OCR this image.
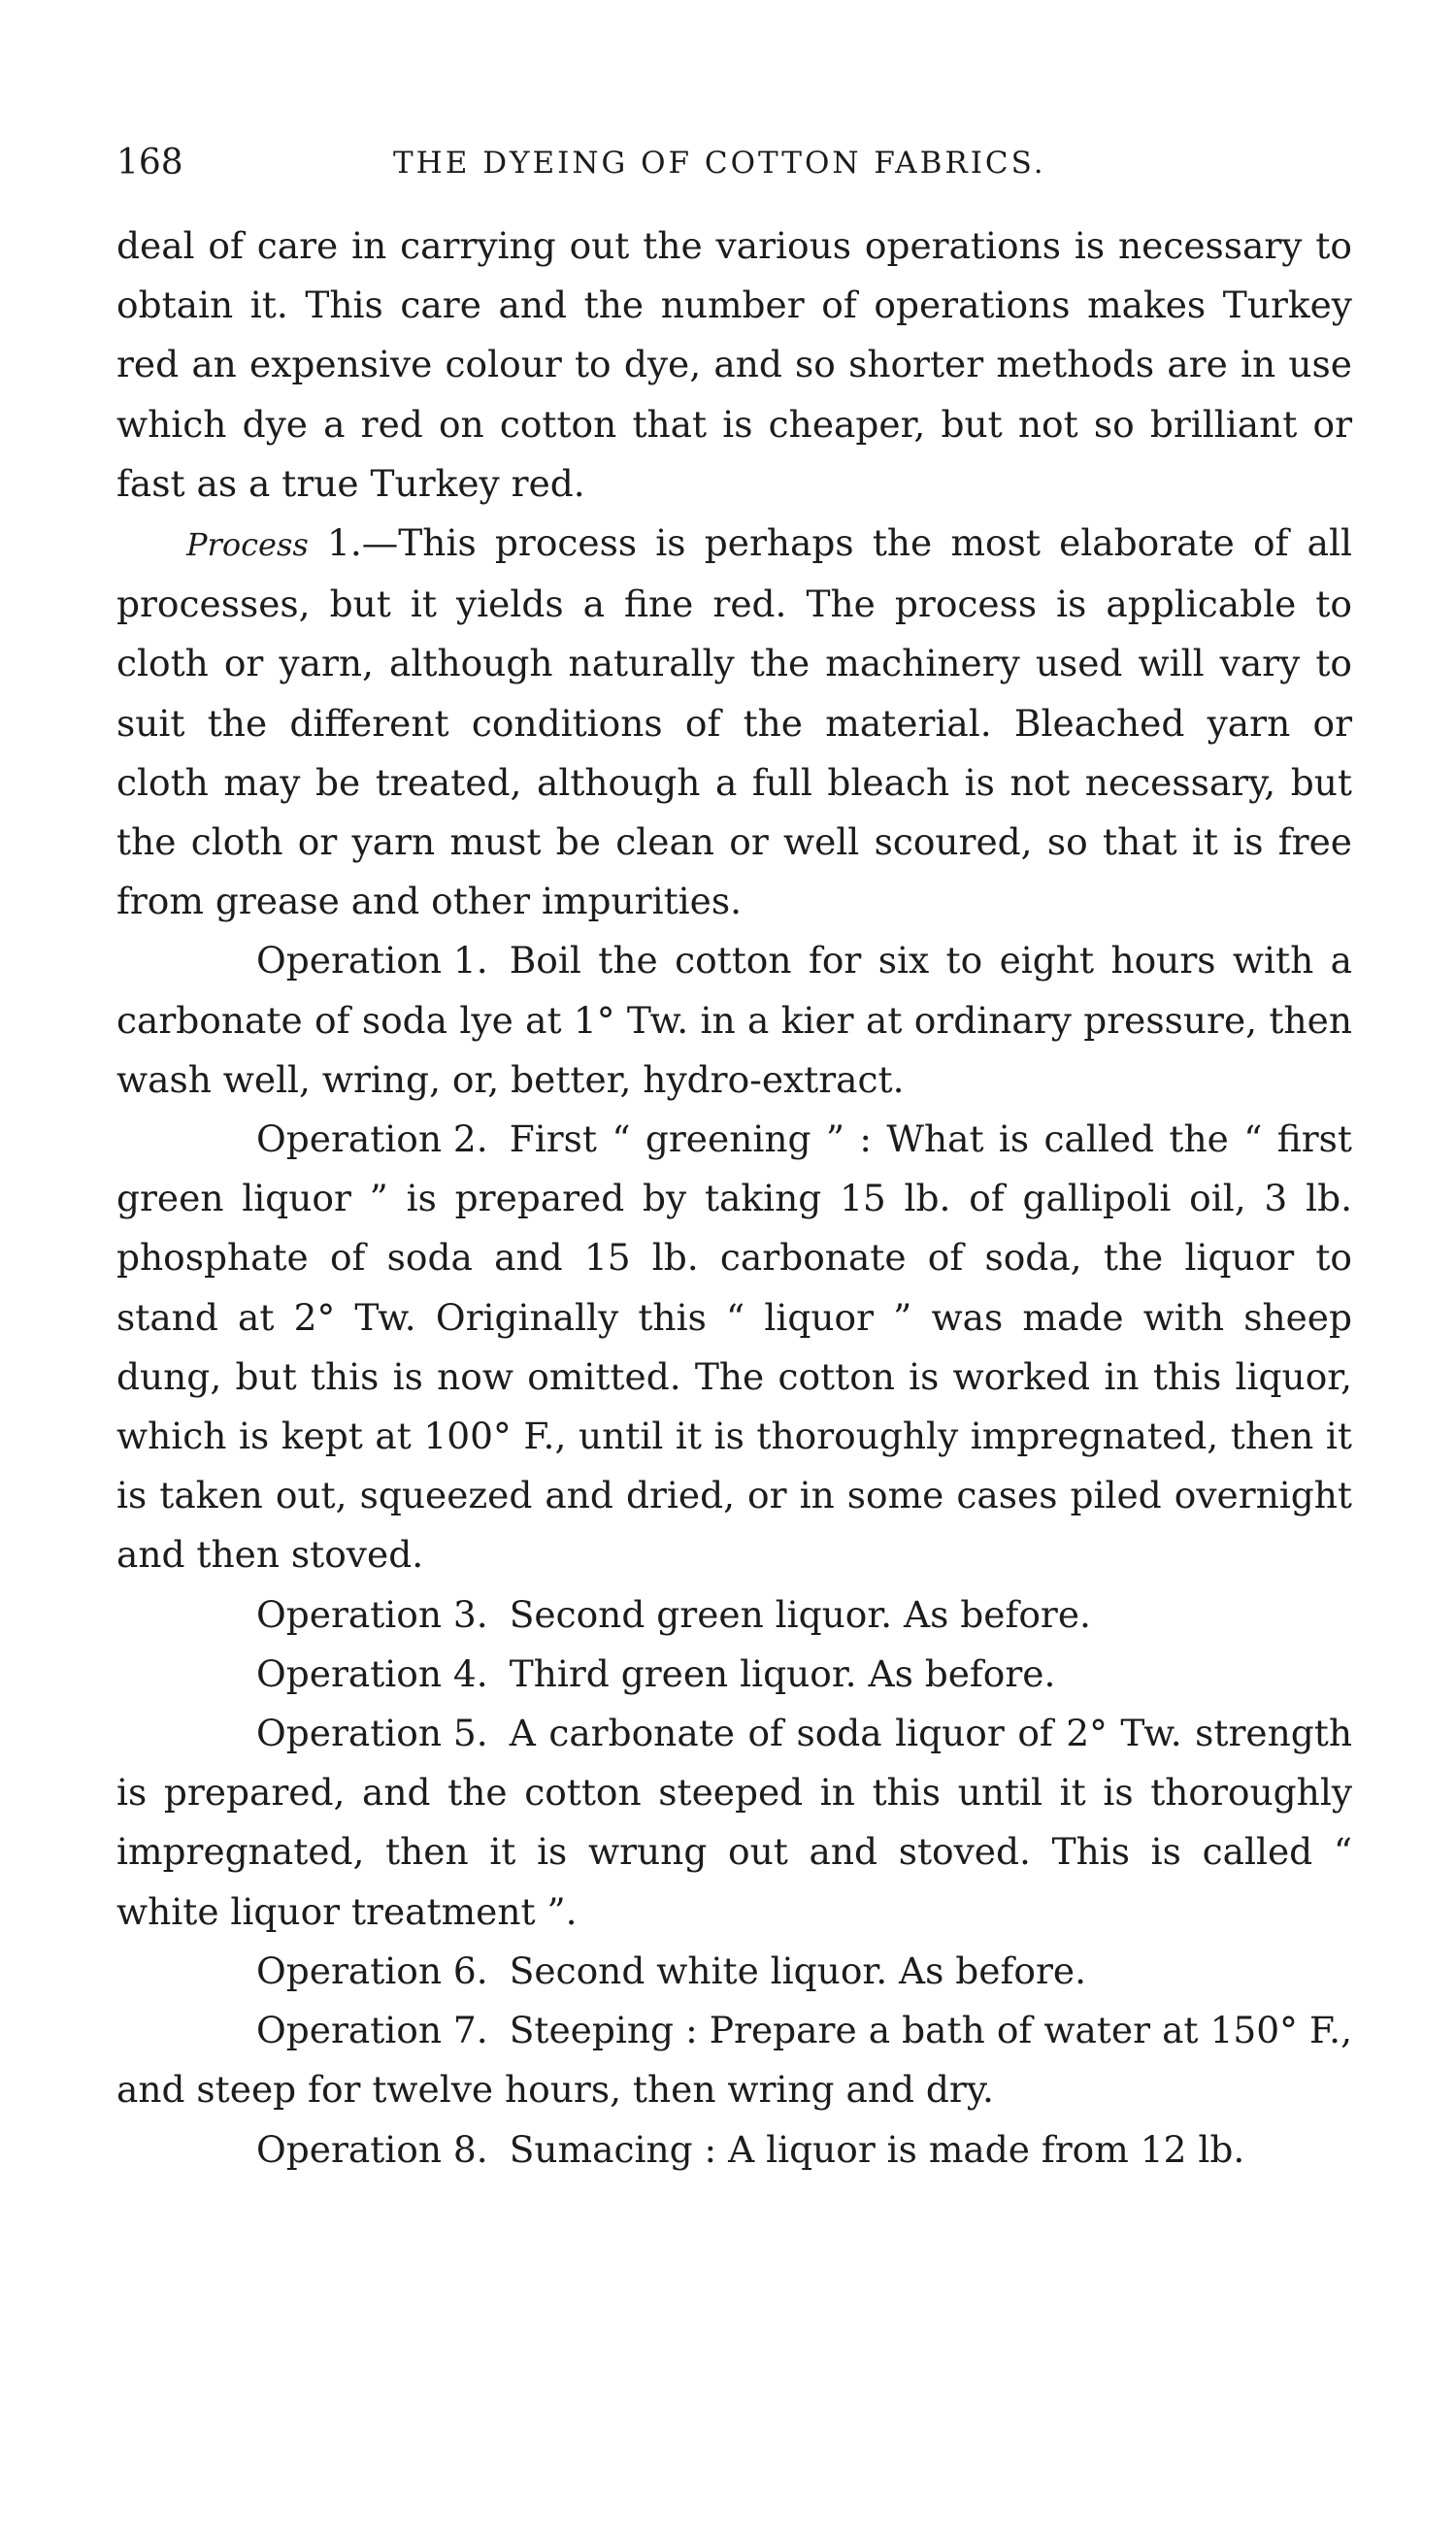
168	THE DYEING OF COTTON FABRICS.

deal of care in carrying out the various operations is necessary to obtain it. This care and the number of operations makes Turkey red an expensive colour to dye, and so shorter methods are in use which dye a red on cotton that is cheaper, but not so brilliant or fast as a true Turkey red.

Process 1.—This process is perhaps the most elaborate of all processes, but it yields a fine red. The process is applicable to cloth or yarn, although naturally the machinery used will vary to suit the different conditions of the material. Bleached yarn or cloth may be treated, although a full bleach is not necessary, but the cloth or yarn must be clean or well scoured, so that it is free from grease and other impurities.

Operation 1. Boil the cotton for six to eight hours with a carbonate of soda lye at 1° Tw. in a kier at ordinary pressure, then wash well, wring, or, better, hydro-extract.

Operation 2. First “ greening ” : What is called the “ first green liquor ” is prepared by taking 15 lb. of gallipoli oil, 3 lb. phosphate of soda and 15 lb. carbonate of soda, the liquor to stand at 2° Tw. Originally this “ liquor ” was made with sheep dung, but this is now omitted. The cotton is worked in this liquor, which is kept at 100° F., until it is thoroughly impregnated, then it is taken out, squeezed and dried, or in some cases piled overnight and then stoved.

Operation 3. Second green liquor. As before.

Operation 4. Third green liquor. As before.

Operation 5. A carbonate of soda liquor of 2° Tw. strength is prepared, and the cotton steeped in this until it is thoroughly impregnated, then it is wrung out and stoved. This is called “ white liquor treatment ”.

Operation 6. Second white liquor. As before.

Operation 7. Steeping : Prepare a bath of water at 150° F., and steep for twelve hours, then wring and dry.

Operation 8. Sumacing : A liquor is made from 12 lb.
